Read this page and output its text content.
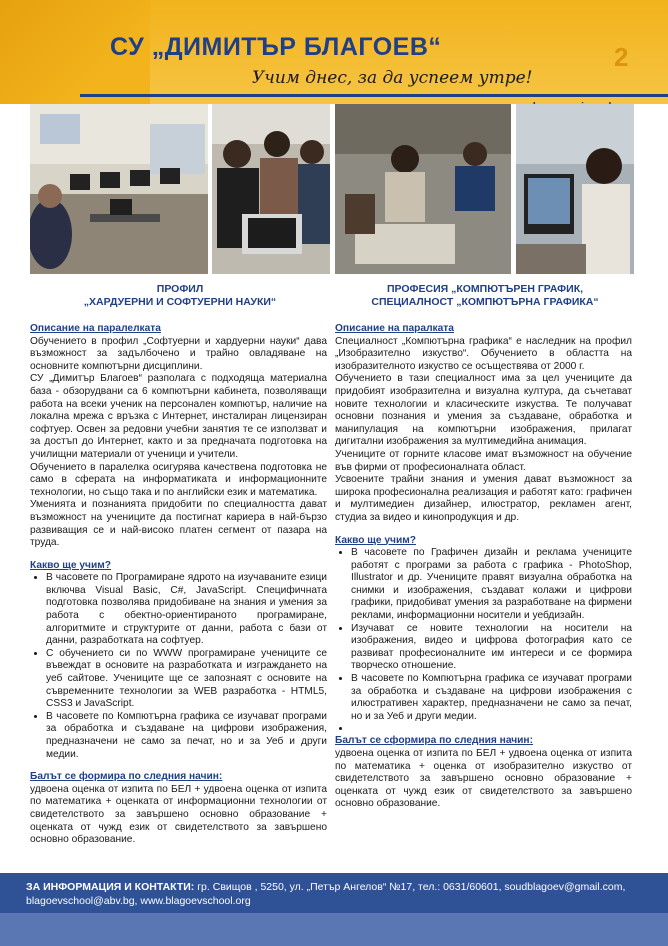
СУ „ДИМИТЪР БЛАГОЕВ“	2
Учим днес, за да успеем утре!
ПРОФИЛ
„ХАРДУЕРНИ И СОФТУЕРНИ НАУКИ“
ПРОФЕСИЯ „КОМПЮТЪРЕН ГРАФИК,
СПЕЦИАЛНОСТ „КОМПЮТЪРНА ГРАФИКА“

Описание на паралелката

Обучението в профил „Софтуерни и хардуерни науки“ дава възможност за задълбочено и трайно овладяване на основните компютърни дисциплини.

СУ „Димитър Благоев“ разполага с подходяща материална база - обзорудвани са 6 компютърни кабинета, позволяващи работа на всеки ученик на персонален компютър, наличие на локална мрежа с връзка с Интернет, инсталиран лицензиран софтуер. Освен за редовни учебни занятия те се използват и за достъп до Интернет, както и за предначата подготовка на училищни материали от ученици и учители.

Обучението в паралелка осигурява качествена подготовка не само в сферата на информатиката и информационните технологии, но също така и по английски език и математика.

Уменията и познанията придобити по специалността дават възможност на учениците да постигнат кариера в най-бързо развиващия се и най-високо платен сегмент от пазара на труда.

Какво ще учим?

• В часовете по Програмиране ядрото на изучаваните езици включва Visual Basic, C#, JavaScript. Специфичната подготовка позволява придобиване на знания и умения за работа с обектно-ориентираното програмиране, алгоритмите и структурите от данни, работа с бази от данни, разработката на софтуер.
• С обучението си по WWW програмиране учениците се въвеждат в основите на разработката и изграждането на уеб сайтове. Учениците ще се запознаят с основите на съвременните технологии за WEB разработка - HTML5, CSS3 и JavaScript.
• В часовете по Компютърна графика се изучават програми за обработка и създаване на цифрови изображения, предназначени не само за печат, но и за Уеб и други медии.

Балът се формира по следния начин:

удвоена оценка от изпита по БЕЛ + удвоена оценка от изпита по математика + оценката от информационни технологии от свидетелството за завършено основно образование + оценката от чужд език от свидетелството за завършено основно образование.

Описание на паралката

Специалност „Компютърна графика“ е наследник на профил „Изобразително изкуство“. Обучението в областта на изобразителното изкуство се осъществява от 2000 г.

Обучението в тази специалност има за цел учениците да придобият изобразителна и визуална култура, да съчетават новите технологии и класическите изкуства. Те получават основни познания и умения за създаване, обработка и манипулация на компютърни изображения, прилагат дигитални изображения за мултимедийна анимация.

Учениците от горните класове имат възможност на обучение във фирми от професионалната област.

Усвоените трайни знания и умения дават възможност за широка професионална реализация и работят като: графичен и мултимедиен дизайнер, илюстратор, рекламен агент, студиа за видео и кинопродукция и др.

Какво ще учим?

• В часовете по Графичен дизайн и реклама учениците работят с програми за работа с графика - PhotoShop, Illustrator и др. Учениците правят визуална обработка на снимки и изображения, създават колажи и цифрови графики, придобиват умения за разработване на фирмени реклами, информационни носители и уебдизайн.
• Изучават се новите технологии на носители на изображения, видео и цифрова фотография като се развиват професионалните им интереси и се формира творческо отношение.
• В часовете по Компютърна графика се изучават програми за обработка и създаване на цифрови изображения с илюстративен характер, предназначени не само за печат, но и за Уеб и други медии.
•

Балът се сформира по следния начин:

удвоена оценка от изпита по БЕЛ + удвоена оценка от изпита по математика + оценка от изобразително изкуство от свидетелството за завършено основно образование + оценката от чужд език от свидетелството за завършено основно образование.

ЗА ИНФОРМАЦИЯ И КОНТАКТИ: гр. Свищов , 5250, ул. „Петър Ангелов“ №17, тел.: 0631/60601, soudblagoev@gmail.com, blagoevschool@abv.bg, www.blagoevschool.org
